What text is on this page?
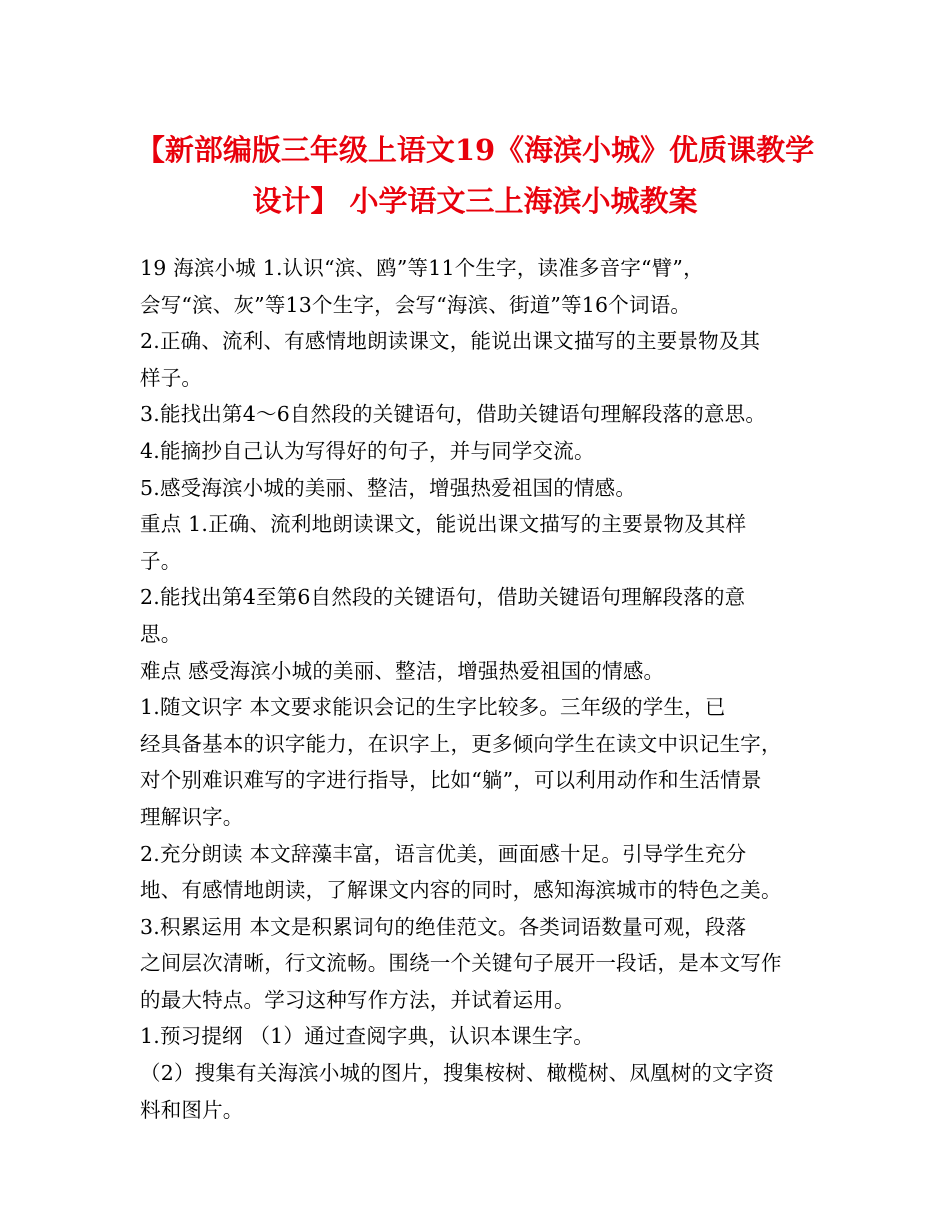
【新部编版三年级上语文19《海滨小城》优质课教学
设计】 小学语文三上海滨小城教案
19 海滨小城 1.认识“滨、鸥”等11个生字，读准多音字“臂”，
会写“滨、灰”等13个生字，会写“海滨、街道”等16个词语。
2.正确、流利、有感情地朗读课文，能说出课文描写的主要景物及其
样子。
3.能找出第4～6自然段的关键语句，借助关键语句理解段落的意思。
4.能摘抄自己认为写得好的句子，并与同学交流。
5.感受海滨小城的美丽、整洁，增强热爱祖国的情感。
重点 1.正确、流利地朗读课文，能说出课文描写的主要景物及其样
子。
2.能找出第4至第6自然段的关键语句，借助关键语句理解段落的意
思。
难点 感受海滨小城的美丽、整洁，增强热爱祖国的情感。
1.随文识字 本文要求能识会记的生字比较多。三年级的学生，已
经具备基本的识字能力，在识字上，更多倾向学生在读文中识记生字，
对个别难识难写的字进行指导，比如“躺”，可以利用动作和生活情景
理解识字。
2.充分朗读 本文辞藻丰富，语言优美，画面感十足。引导学生充分
地、有感情地朗读，了解课文内容的同时，感知海滨城市的特色之美。
3.积累运用 本文是积累词句的绝佳范文。各类词语数量可观，段落
之间层次清晰，行文流畅。围绕一个关键句子展开一段话，是本文写作
的最大特点。学习这种写作方法，并试着运用。
1.预习提纲 （1）通过查阅字典，认识本课生字。
（2）搜集有关海滨小城的图片，搜集桉树、橄榄树、凤凰树的文字资
料和图片。
